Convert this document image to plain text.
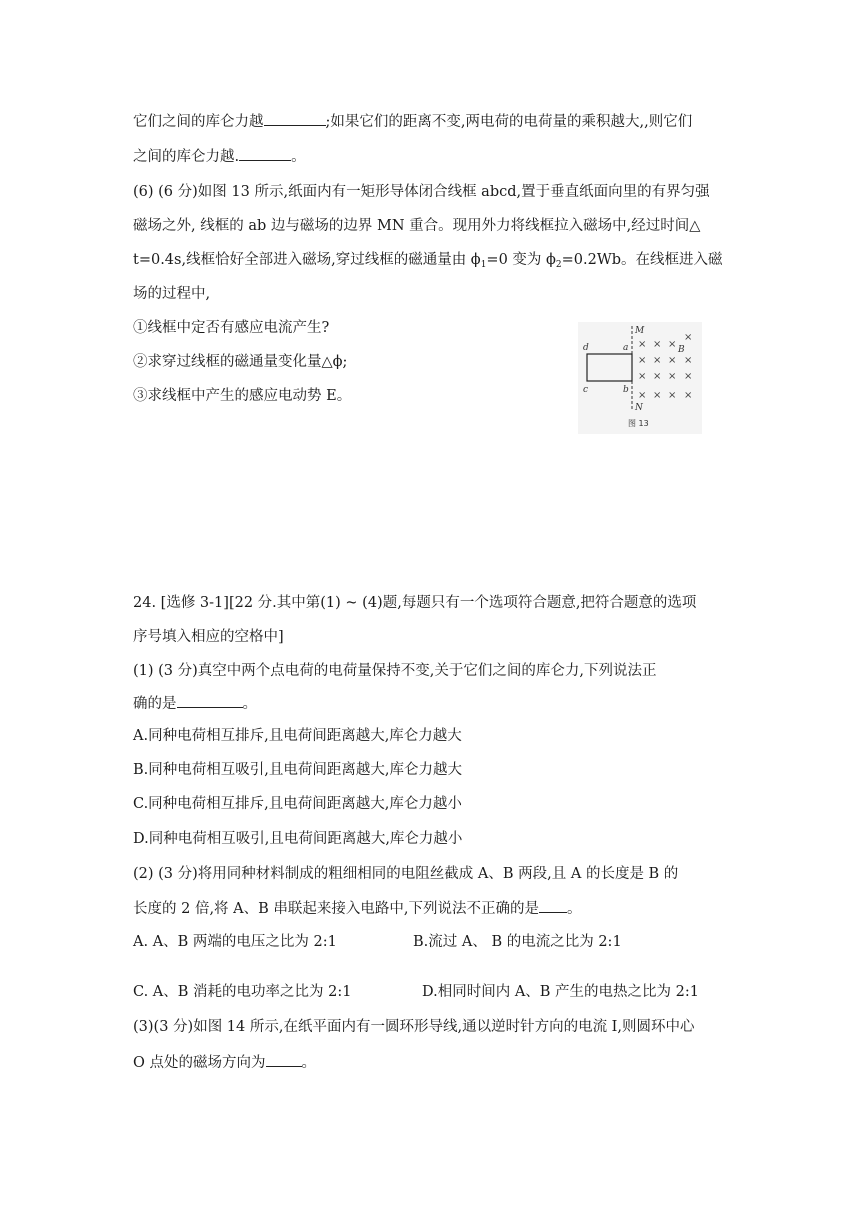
它们之间的库仑力越	;如果它们的距离不变,两电荷的电荷量的乘积越大,,则它们
之间的库仑力越.	。
(6) (6 分)如图 13 所示,纸面内有一矩形导体闭合线框 abcd,置于垂直纸面向里的有界匀强
磁场之外, 线框的 ab 边与磁场的边界 MN 重合。现用外力将线框拉入磁场中,经过时间△
t=0.4s,线框恰好全部进入磁场,穿过线框的磁通量由 $\phi_1=0$ 变为 $\phi_2=0.2Wb$。在线框进入磁
场的过程中,
①线框中定否有感应电流产生?
②求穿过线框的磁通量变化量△ϕ;
③求线框中产生的感应电动势 E。
M
N
d	a
c	b
B
× × ×
× × × ×
× × × ×
× × × ×
×
图 13
24. [选修 3-1][22 分.其中第(1) ~ (4)题,每题只有一个选项符合题意,把符合题意的选项
序号填入相应的空格中]
(1) (3 分)真空中两个点电荷的电荷量保持不变,关于它们之间的库仑力,下列说法正
确的是	。
A.同种电荷相互排斥,且电荷间距离越大,库仑力越大
B.同种电荷相互吸引,且电荷间距离越大,库仑力越大
C.同种电荷相互排斥,且电荷间距离越大,库仑力越小
D.同种电荷相互吸引,且电荷间距离越大,库仑力越小
(2) (3 分)将用同种材料制成的粗细相同的电阻丝截成 A、B 两段,且 A 的长度是 B 的
长度的 2 倍,将 A、B 串联起来接入电路中,下列说法不正确的是 。
A. A、B 两端的电压之比为 2:1	B.流过 A、 B 的电流之比为 2:1
C. A、B 消耗的电功率之比为 2:1	D.相同时间内 A、B 产生的电热之比为 2:1
(3)(3 分)如图 14 所示,在纸平面内有一圆环形导线,通以逆时针方向的电流 I,则圆环中心
O 点处的磁场方向为 。
